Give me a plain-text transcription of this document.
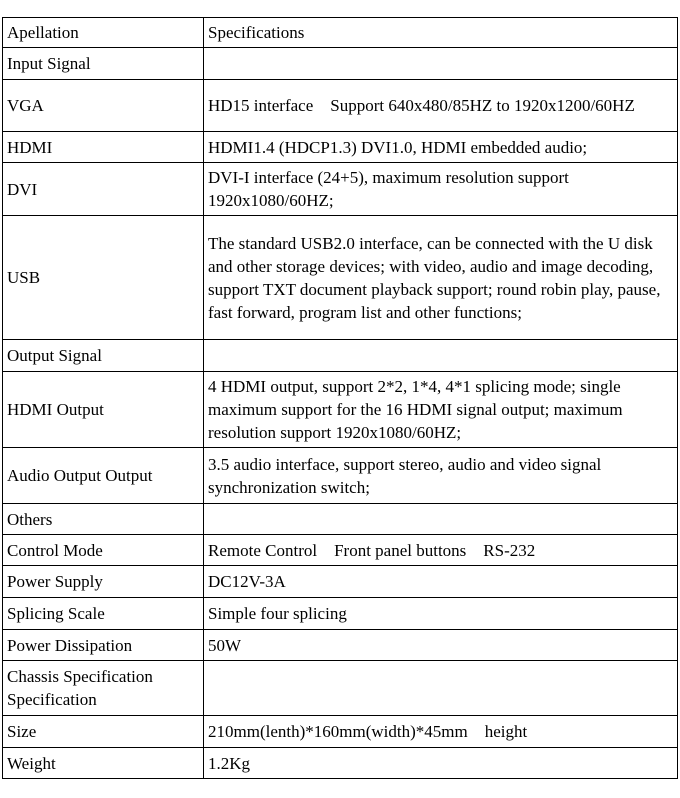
Apellation	Specifications
Input Signal	
VGA	HD15 interface    Support 640x480/85HZ to 1920x1200/60HZ
HDMI	HDMI1.4 (HDCP1.3) DVI1.0, HDMI embedded audio;
DVI	DVI-I interface (24+5), maximum resolution support 1920x1080/60HZ;
USB	The standard USB2.0 interface, can be connected with the U disk and other storage devices; with video, audio and image decoding, support TXT document playback support; round robin play, pause, fast forward, program list and other functions;
Output Signal	
HDMI Output	4 HDMI output, support 2*2, 1*4, 4*1 splicing mode; single maximum support for the 16 HDMI signal output; maximum resolution support 1920x1080/60HZ;
Audio Output Output	3.5 audio interface, support stereo, audio and video signal synchronization switch;
Others	
Control Mode	Remote Control    Front panel buttons    RS-232
Power Supply	DC12V-3A
Splicing Scale	Simple four splicing
Power Dissipation	50W
Chassis Specification Specification	
Size	210mm(lenth)*160mm(width)*45mm    height
Weight	1.2Kg
